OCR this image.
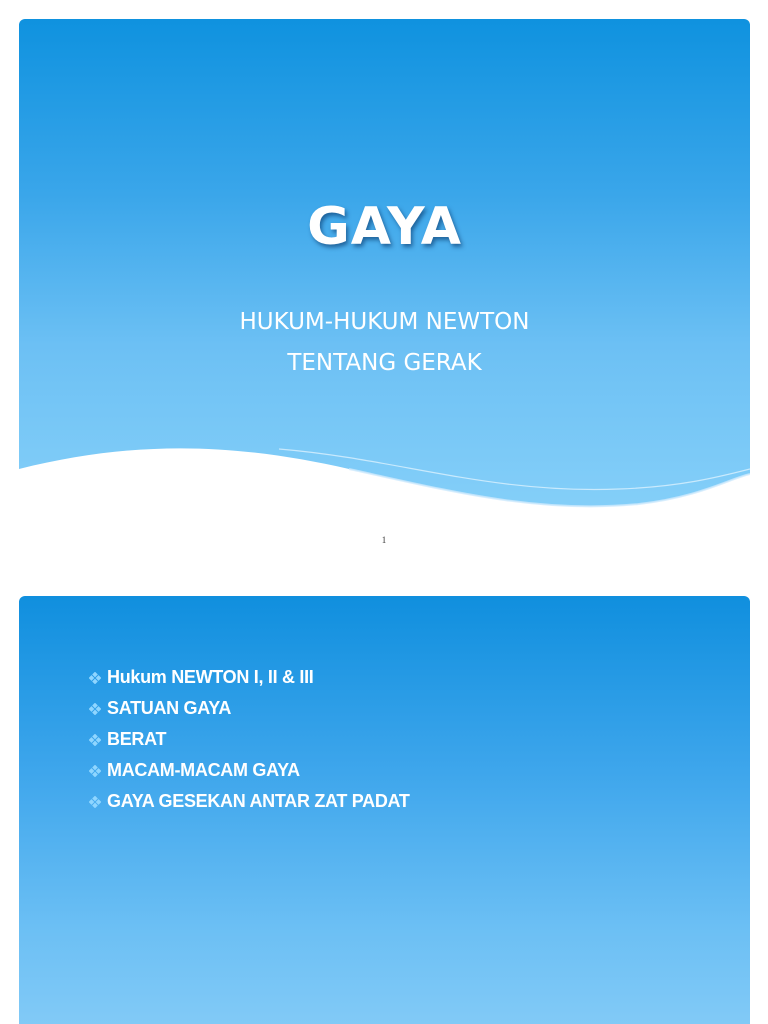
GAYA

HUKUM-HUKUM NEWTON

TENTANG GERAK

1
Hukum NEWTON I, II & III
SATUAN GAYA
BERAT
MACAM-MACAM GAYA
GAYA GESEKAN ANTAR ZAT PADAT
